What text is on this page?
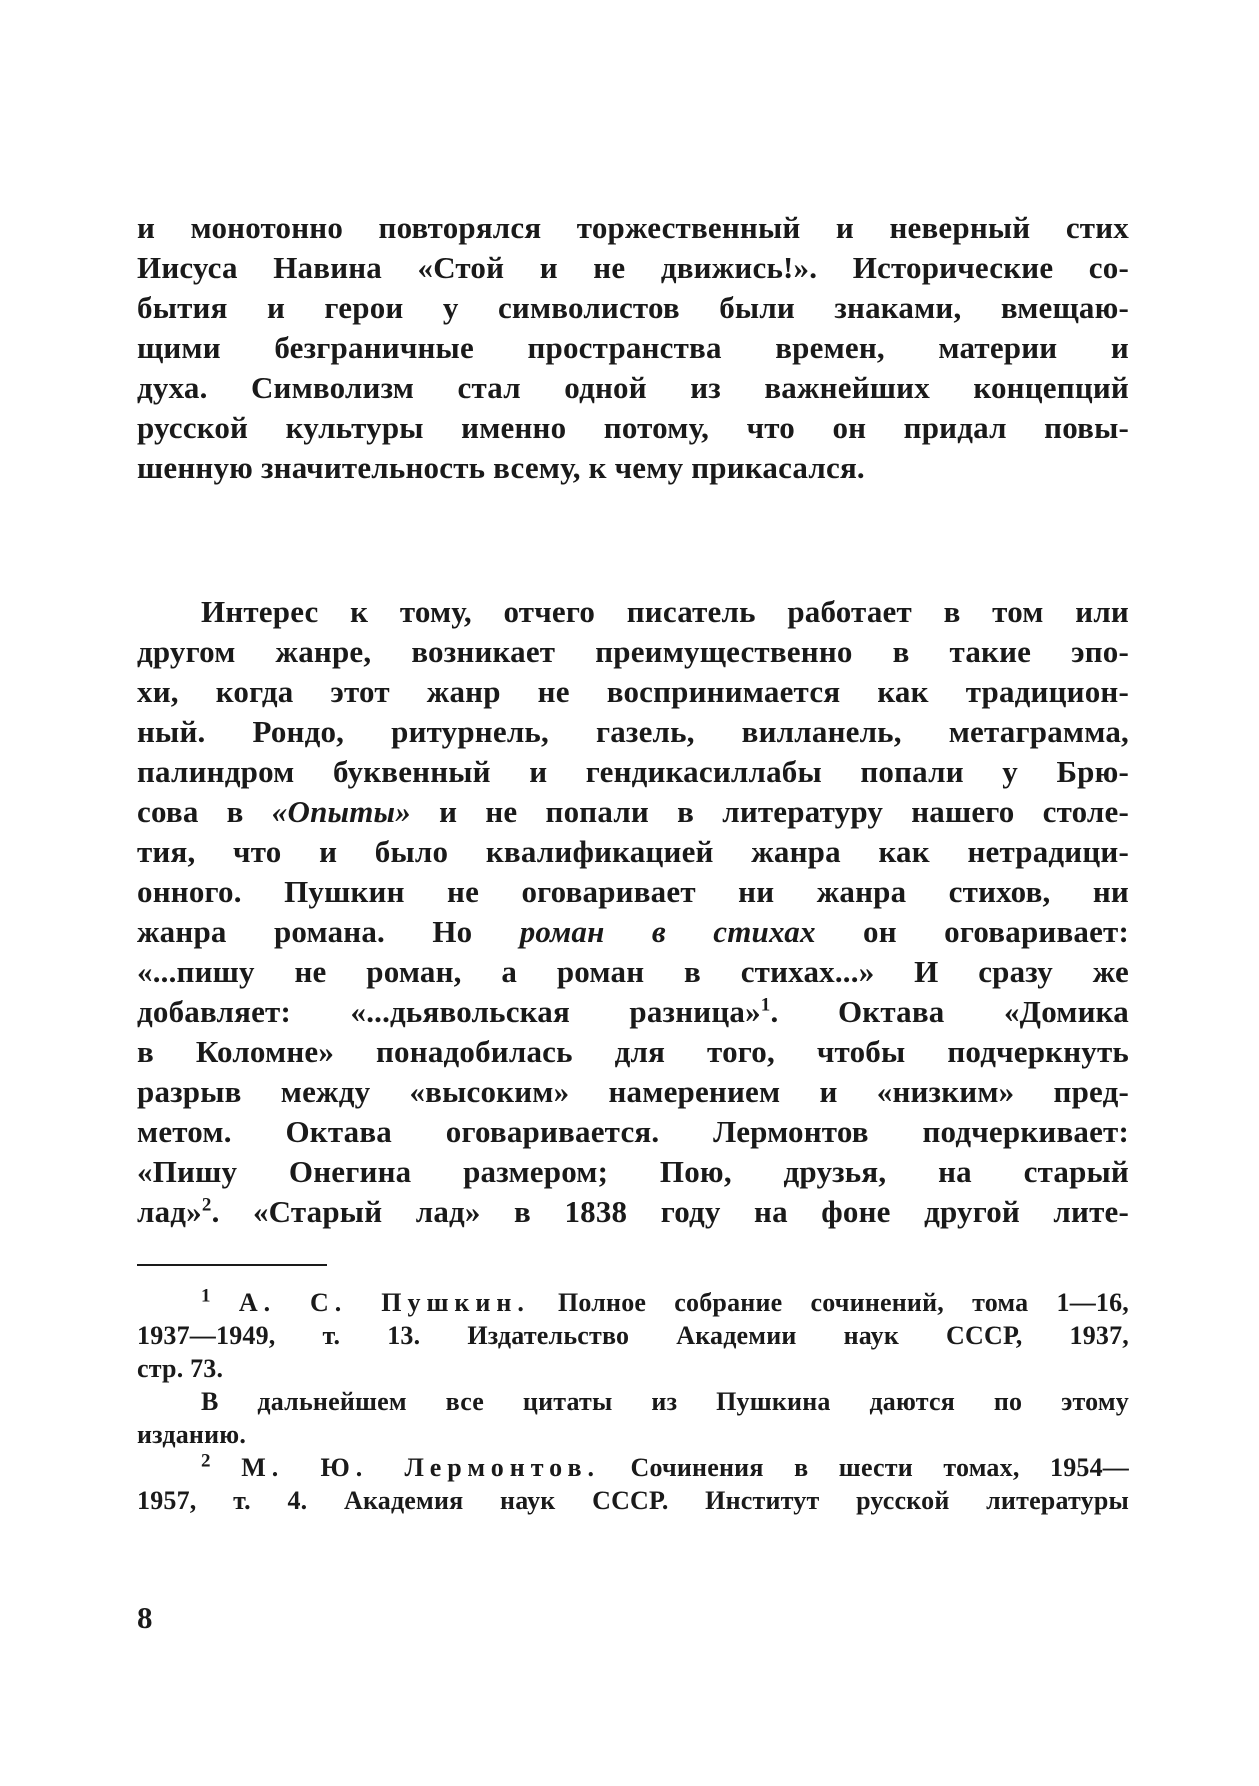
и монотонно повторялся торжественный и неверный стих
Иисуса Навина «Стой и не движись!». Исторические со-
бытия и герои у символистов были знаками, вмещаю-
щими безграничные пространства времен, материи и
духа. Символизм стал одной из важнейших концепций
русской культуры именно потому, что он придал повы-
шенную значительность всему, к чему прикасался.
Интерес к тому, отчего писатель работает в том или
другом жанре, возникает преимущественно в такие эпо-
хи, когда этот жанр не воспринимается как традицион-
ный. Рондо, ритурнель, газель, вилланель, метаграмма,
палиндром буквенный и гендикасиллабы попали у Брю-
сова в «Опыты» и не попали в литературу нашего столе-
тия, что и было квалификацией жанра как нетрадици-
онного. Пушкин не оговаривает ни жанра стихов, ни
жанра романа. Но роман в стихах он оговаривает:
«...пишу не роман, а роман в стихах...» И сразу же
добавляет: «...дьявольская разница»$^1$. Октава «Домика
в Коломне» понадобилась для того, чтобы подчеркнуть
разрыв между «высоким» намерением и «низким» пред-
метом. Октава оговаривается. Лермонтов подчеркивает:
«Пишу Онегина размером; Пою, друзья, на старый
лад»$^2$. «Старый лад» в 1838 году на фоне другой лите-
$^1$ А. С. Пушкин. Полное собрание сочинений, тома 1—16,
1937—1949, т. 13. Издательство Академии наук СССР, 1937,
стр. 73.
В дальнейшем все цитаты из Пушкина даются по этому
изданию.
$^2$ М. Ю. Лермонтов. Сочинения в шести томах, 1954—
1957, т. 4. Академия наук СССР. Институт русской литературы
8
